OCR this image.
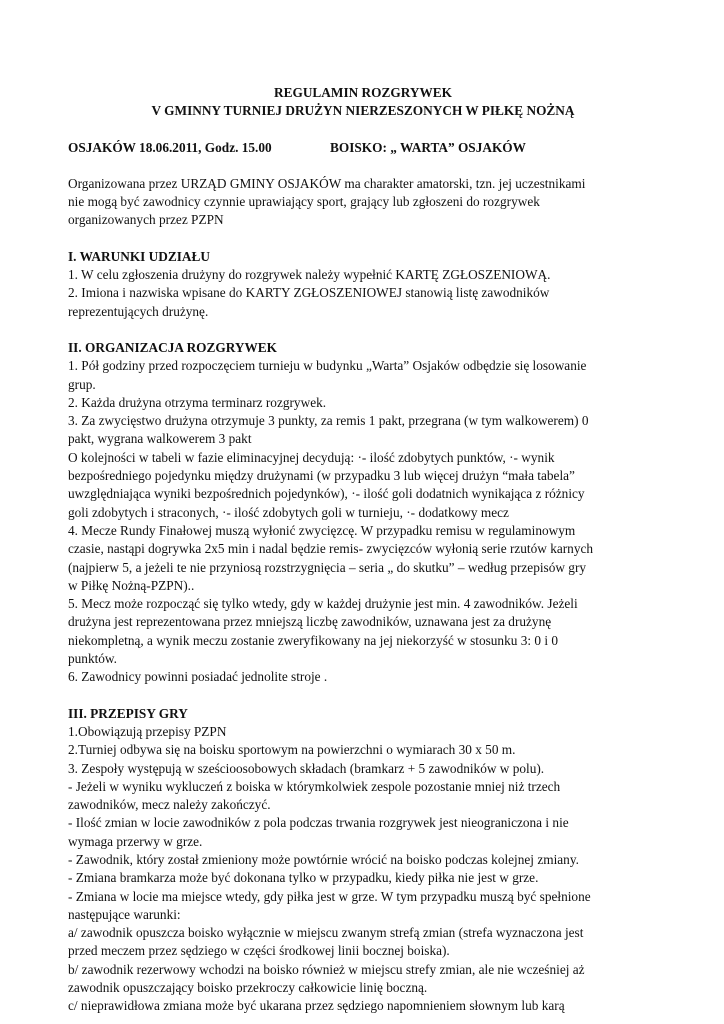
REGULAMIN ROZGRYWEK
V GMINNY TURNIEJ DRUŻYN NIERZESZONYCH W PIŁKĘ NOŻNĄ
OSJAKÓW 18.06.2011, Godz. 15.00	BOISKO: „ WARTA” OSJAKÓW
Organizowana przez URZĄD GMINY OSJAKÓW ma charakter amatorski, tzn. jej uczestnikami
nie mogą być zawodnicy czynnie uprawiający sport, grający lub zgłoszeni do rozgrywek
organizowanych przez PZPN
I. WARUNKI UDZIAŁU
1. W celu zgłoszenia drużyny do rozgrywek należy wypełnić KARTĘ ZGŁOSZENIOWĄ.
2. Imiona i nazwiska wpisane do KARTY ZGŁOSZENIOWEJ stanowią listę zawodników
reprezentujących drużynę.
II. ORGANIZACJA ROZGRYWEK
1. Pół godziny przed rozpoczęciem turnieju w budynku „Warta” Osjaków odbędzie się losowanie
grup.
2. Każda drużyna otrzyma terminarz rozgrywek.
3. Za zwycięstwo drużyna otrzymuje 3 punkty, za remis 1 pakt, przegrana (w tym walkowerem) 0
pakt, wygrana walkowerem 3 pakt
O kolejności w tabeli w fazie eliminacyjnej decydują: ·- ilość zdobytych punktów, ·- wynik
bezpośredniego pojedynku między drużynami (w przypadku 3 lub więcej drużyn “mała tabela”
uwzględniająca wyniki bezpośrednich pojedynków), ·- ilość goli dodatnich wynikająca z różnicy
goli zdobytych i straconych, ·- ilość zdobytych goli w turnieju, ·- dodatkowy mecz
4. Mecze Rundy Finałowej muszą wyłonić zwycięzcę. W przypadku remisu w regulaminowym
czasie, nastąpi dogrywka 2x5 min i nadal będzie remis- zwycięzców wyłonią serie rzutów karnych
(najpierw 5, a jeżeli te nie przyniosą rozstrzygnięcia – seria „ do skutku” – według przepisów gry
w Piłkę Nożną-PZPN)..
5. Mecz może rozpocząć się tylko wtedy, gdy w każdej drużynie jest min. 4 zawodników. Jeżeli
drużyna jest reprezentowana przez mniejszą liczbę zawodników, uznawana jest za drużynę
niekompletną, a wynik meczu zostanie zweryfikowany na jej niekorzyść w stosunku 3: 0 i 0
punktów.
6. Zawodnicy powinni posiadać jednolite stroje .
III. PRZEPISY GRY
1.Obowiązują przepisy PZPN
2.Turniej odbywa się na boisku sportowym na powierzchni o wymiarach 30 x 50 m.
3. Zespoły występują w sześcioosobowych składach (bramkarz + 5 zawodników w polu).
- Jeżeli w wyniku wykluczeń z boiska w którymkolwiek zespole pozostanie mniej niż trzech
zawodników, mecz należy zakończyć.
- Ilość zmian w locie zawodników z pola podczas trwania rozgrywek jest nieograniczona i nie
wymaga przerwy w grze.
- Zawodnik, który został zmieniony może powtórnie wrócić na boisko podczas kolejnej zmiany.
- Zmiana bramkarza może być dokonana tylko w przypadku, kiedy piłka nie jest w grze.
- Zmiana w locie ma miejsce wtedy, gdy piłka jest w grze. W tym przypadku muszą być spełnione
następujące warunki:
a/ zawodnik opuszcza boisko wyłącznie w miejscu zwanym strefą zmian (strefa wyznaczona jest
przed meczem przez sędziego w części środkowej linii bocznej boiska).
b/ zawodnik rezerwowy wchodzi na boisko również w miejscu strefy zmian, ale nie wcześniej aż
zawodnik opuszczający boisko przekroczy całkowicie linię boczną.
c/ nieprawidłowa zmiana może być ukarana przez sędziego napomnieniem słownym lub karą
